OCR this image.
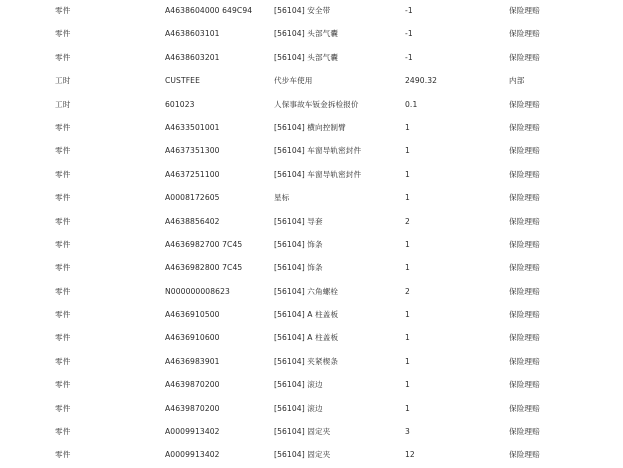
零件	A4638604000 649C94	[56104] 安全带	-1	保险理赔
零件	A4638603101	[56104] 头部气囊	-1	保险理赔
零件	A4638603201	[56104] 头部气囊	-1	保险理赔
工时	CUSTFEE	代步车使用	2490.32	内部
工时	601023	人保事故车钣金拆检报价	0.1	保险理赔
零件	A4633501001	[56104] 横向控制臂	1	保险理赔
零件	A4637351300	[56104] 车窗导轨密封件	1	保险理赔
零件	A4637251100	[56104] 车窗导轨密封件	1	保险理赔
零件	A0008172605	星标	1	保险理赔
零件	A4638856402	[56104] 导套	2	保险理赔
零件	A4636982700 7C45	[56104] 饰条	1	保险理赔
零件	A4636982800 7C45	[56104] 饰条	1	保险理赔
零件	N000000008623	[56104] 六角螺栓	2	保险理赔
零件	A4636910500	[56104] A 柱盖板	1	保险理赔
零件	A4636910600	[56104] A 柱盖板	1	保险理赔
零件	A4636983901	[56104] 夹紧楔条	1	保险理赔
零件	A4639870200	[56104] 滚边	1	保险理赔
零件	A4639870200	[56104] 滚边	1	保险理赔
零件	A0009913402	[56104] 固定夹	3	保险理赔
零件	A0009913402	[56104] 固定夹	12	保险理赔
